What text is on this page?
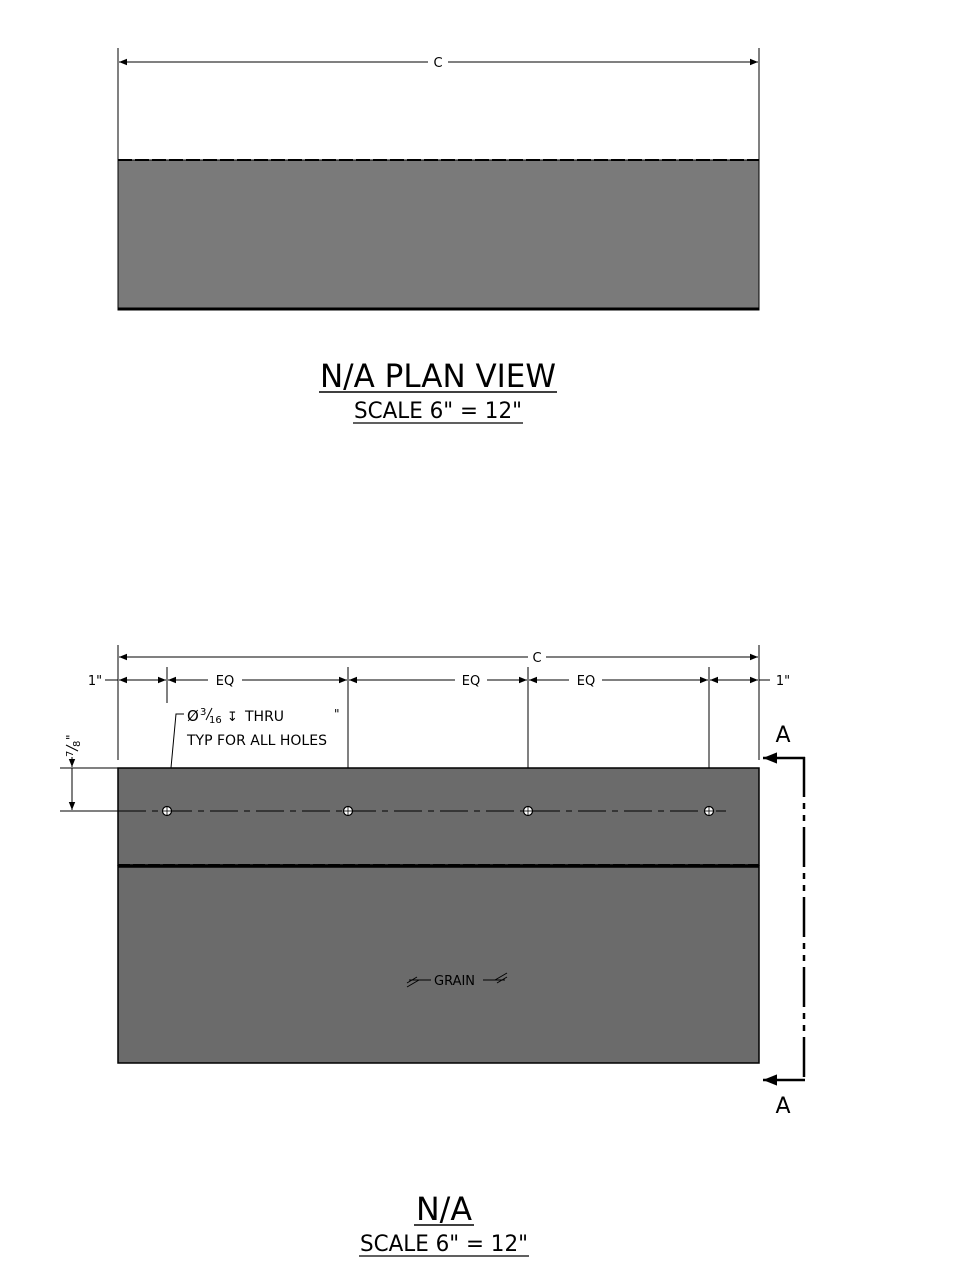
C
N/A PLAN VIEW
SCALE 6" = 12"
C
1"	EQ	EQ	EQ	1"
Ø 3
16 ↧ THRU	"
TYP FOR ALL HOLES
7
8
"
GRAIN
A
A
N/A
SCALE 6" = 12"
